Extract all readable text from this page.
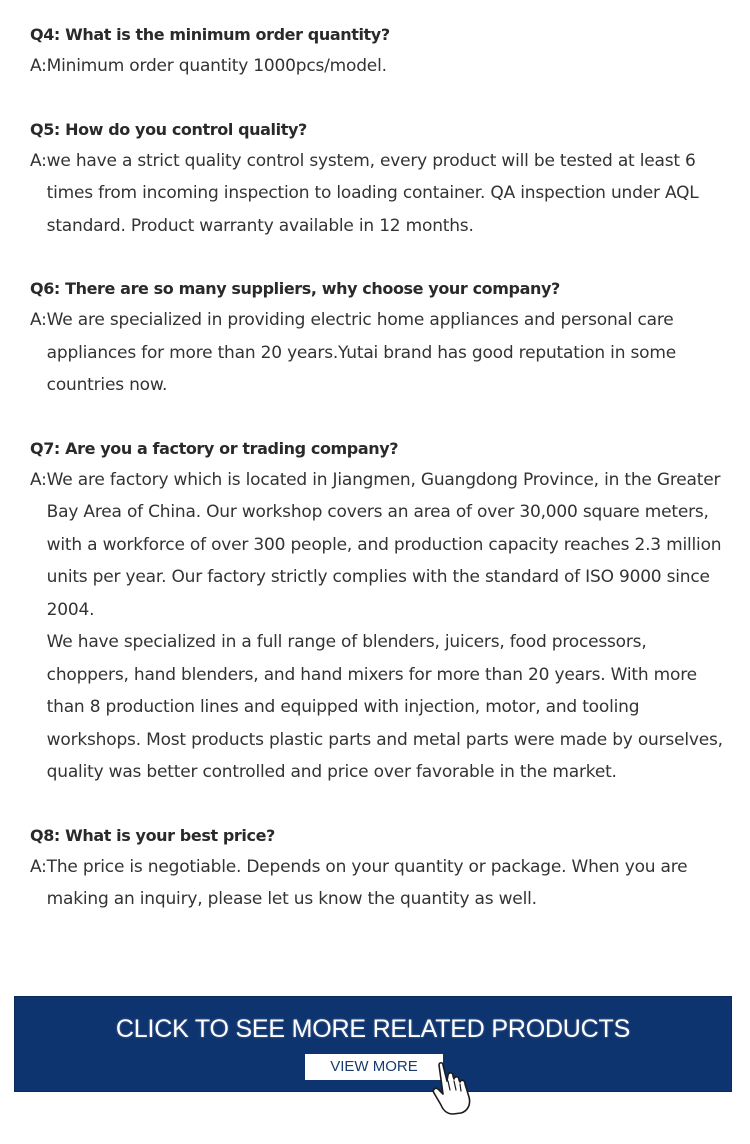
Q4: What is the minimum order quantity?
A: Minimum order quantity 1000pcs/model.

Q5: How do you control quality?
A: we have a strict quality control system, every product will be tested at least 6 times from incoming inspection to loading container. QA inspection under AQL standard. Product warranty available in 12 months.

Q6: There are so many suppliers, why choose your company?
A: We are specialized in providing electric home appliances and personal care appliances for more than 20 years.Yutai brand has good reputation in some countries now.

Q7: Are you a factory or trading company?
A: We are factory which is located in Jiangmen, Guangdong Province, in the Greater Bay Area of China. Our workshop covers an area of over 30,000 square meters, with a workforce of over 300 people, and production capacity reaches 2.3 million units per year. Our factory strictly complies with the standard of ISO 9000 since 2004.

We have specialized in a full range of blenders, juicers, food processors, choppers, hand blenders, and hand mixers for more than 20 years. With more than 8 production lines and equipped with injection, motor, and tooling workshops. Most products plastic parts and metal parts were made by ourselves, quality was better controlled and price over favorable in the market.

Q8: What is your best price?
A: The price is negotiable. Depends on your quantity or package. When you are making an inquiry, please let us know the quantity as well.

CLICK TO SEE MORE RELATED PRODUCTS
VIEW MORE
